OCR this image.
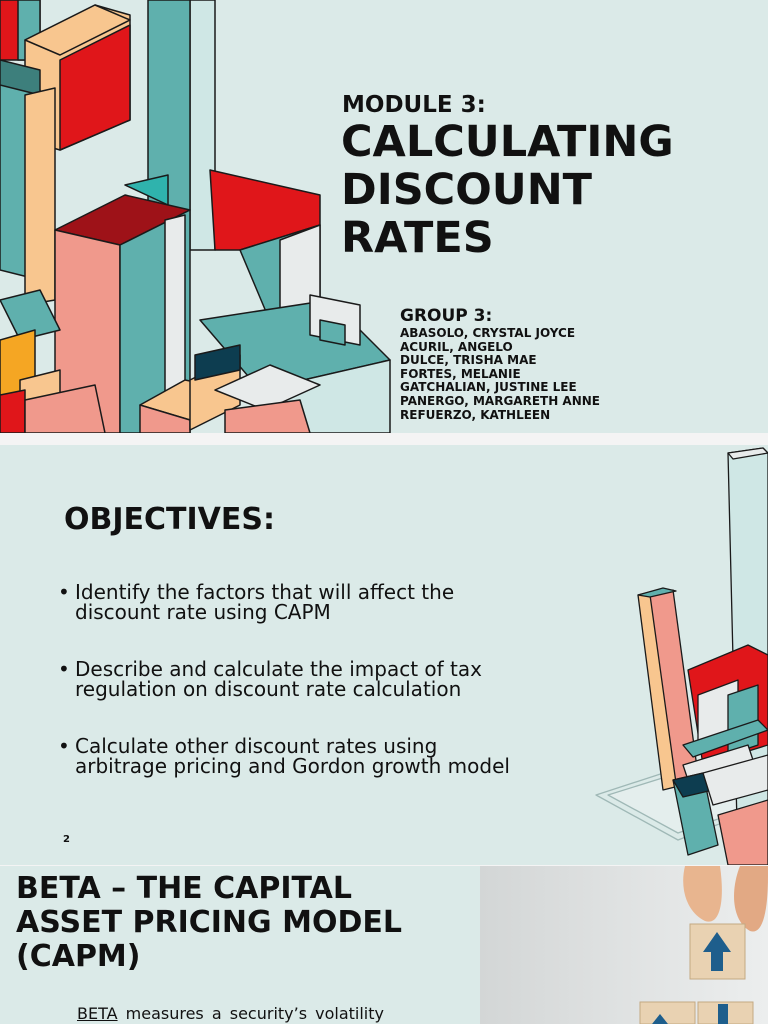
MODULE 3:
CALCULATING
DISCOUNT
RATES
GROUP 3:
ABASOLO, CRYSTAL JOYCE
ACURIL, ANGELO
DULCE, TRISHA MAE
FORTES, MELANIE
GATCHALIAN, JUSTINE LEE
PANERGO, MARGARETH ANNE
REFUERZO, KATHLEEN
OBJECTIVES:
• Identify the factors that will affect the
discount rate using CAPM
• Describe and calculate the impact of tax
regulation on discount rate calculation
• Calculate other discount rates using
arbitrage pricing and Gordon growth model
2
BETA – THE CAPITAL
ASSET PRICING MODEL
(CAPM)
BETA measures a security’s volatility
